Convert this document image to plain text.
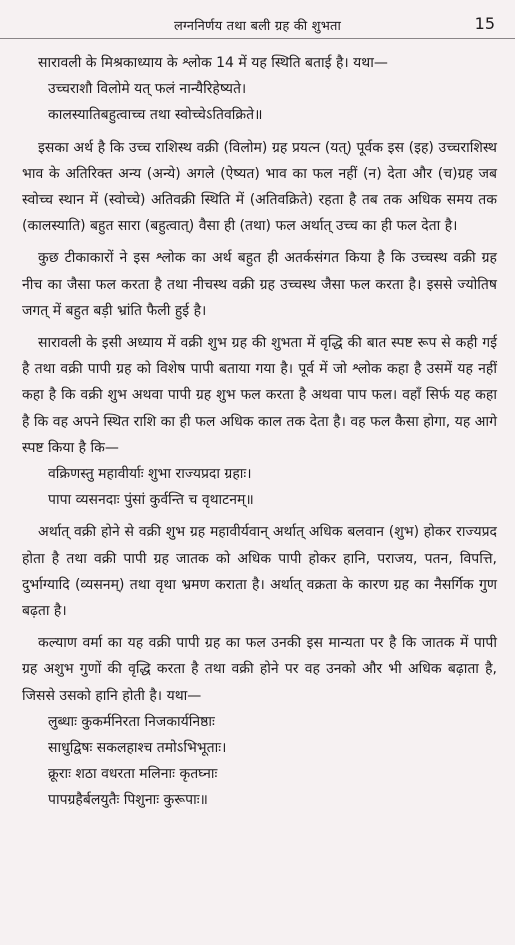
लग्ननिर्णय तथा बली ग्रह की शुभता	15

सारावली के मिश्रकाध्याय के श्लोक 14 में यह स्थिति बताई है। यथा—

उच्चराशौ विलोमे यत् फलं नान्यैरिहेष्यते।
कालस्यातिबहुत्वाच्च तथा स्वोच्चेऽतिवक्रिते॥

इसका अर्थ है कि उच्च राशिस्थ वक्री (विलोम) ग्रह प्रयत्न (यत्) पूर्वक इस (इह) उच्चराशिस्थ भाव के अतिरिक्त अन्य (अन्ये) अगले (ऐष्यत) भाव का फल नहीं (न) देता और (च)ग्रह जब स्वोच्च स्थान में (स्वोच्चे) अतिवक्री स्थिति में (अतिवक्रिते) रहता है तब तक अधिक समय तक (कालस्याति) बहुत सारा (बहुत्वात्) वैसा ही (तथा) फल अर्थात् उच्च का ही फल देता है।

कुछ टीकाकारों ने इस श्लोक का अर्थ बहुत ही अतर्कसंगत किया है कि उच्चस्थ वक्री ग्रह नीच का जैसा फल करता है तथा नीचस्थ वक्री ग्रह उच्चस्थ जैसा फल करता है। इससे ज्योतिष जगत् में बहुत बड़ी भ्रांति फैली हुई है।

सारावली के इसी अध्याय में वक्री शुभ ग्रह की शुभता में वृद्धि की बात स्पष्ट रूप से कही गई है तथा वक्री पापी ग्रह को विशेष पापी बताया गया है। पूर्व में जो श्लोक कहा है उसमें यह नहीं कहा है कि वक्री शुभ अथवा पापी ग्रह शुभ फल करता है अथवा पाप फल। वहाँ सिर्फ यह कहा है कि वह अपने स्थित राशि का ही फल अधिक काल तक देता है। वह फल कैसा होगा, यह आगे स्पष्ट किया है कि—

वक्रिणस्तु महावीर्याः शुभा राज्यप्रदा ग्रहाः।
पापा व्यसनदाः पुंसां कुर्वन्ति च वृथाटनम्॥

अर्थात् वक्री होने से वक्री शुभ ग्रह महावीर्यवान् अर्थात् अधिक बलवान (शुभ) होकर राज्यप्रद होता है तथा वक्री पापी ग्रह जातक को अधिक पापी होकर हानि, पराजय, पतन, विपत्ति, दुर्भाग्यादि (व्यसनम्) तथा वृथा भ्रमण कराता है। अर्थात् वक्रता के कारण ग्रह का नैसर्गिक गुण बढ़ता है।

कल्याण वर्मा का यह वक्री पापी ग्रह का फल उनकी इस मान्यता पर है कि जातक में पापी ग्रह अशुभ गुणों की वृद्धि करता है तथा वक्री होने पर वह उनको और भी अधिक बढ़ाता है, जिससे उसको हानि होती है। यथा—

लुब्धाः कुकर्मनिरता निजकार्यनिष्ठाः
साधुद्विषः सकलहाश्च तमोऽभिभूताः।
क्रूराः शठा वधरता मलिनाः कृतघ्नाः
पापग्रहैर्बलयुतैः पिशुनाः कुरूपाः॥
